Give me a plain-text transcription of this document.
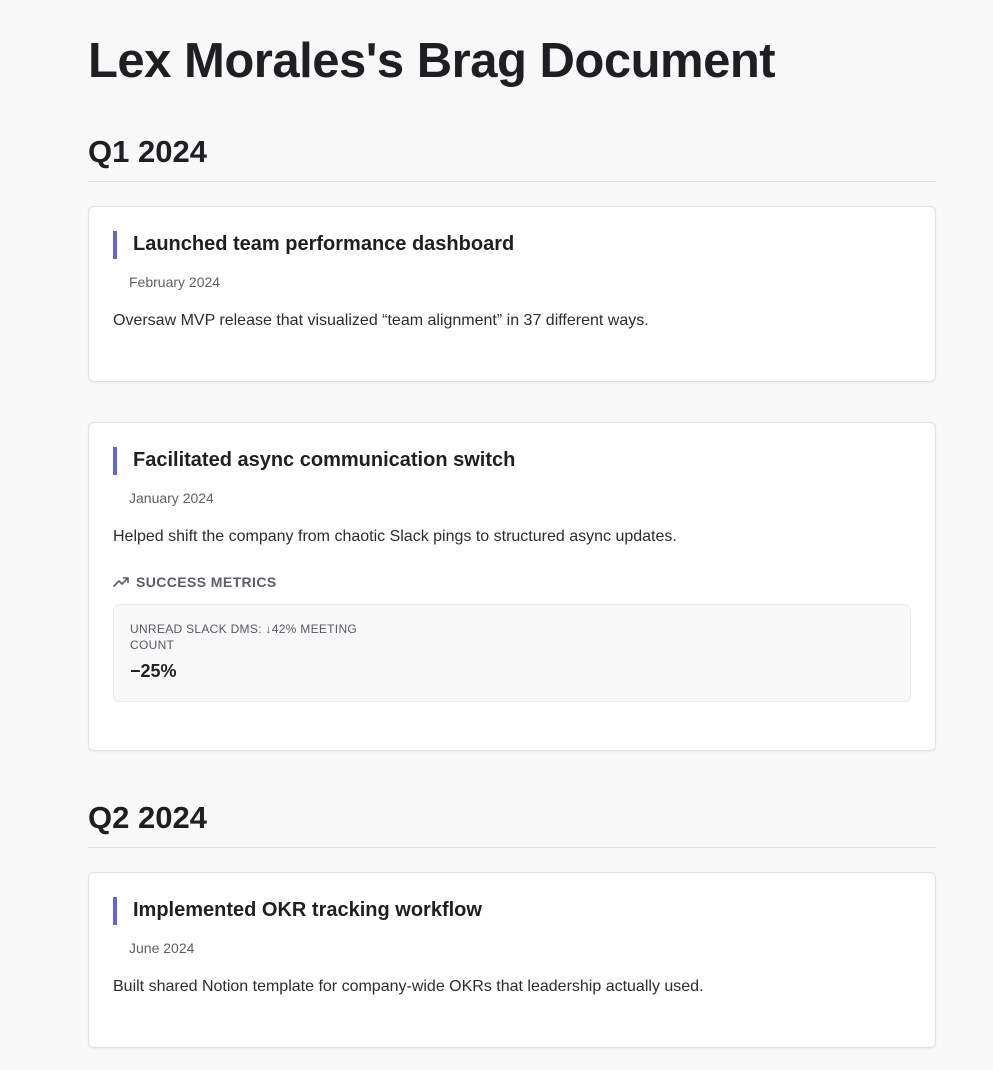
Lex Morales's Brag Document
Q1 2024
Launched team performance dashboard
February 2024

Oversaw MVP release that visualized “team alignment” in 37 different ways.

Facilitated async communication switch
January 2024

Helped shift the company from chaotic Slack pings to structured async updates.

SUCCESS METRICS
UNREAD SLACK DMS: ↓42% MEETING COUNT
−25%
Q2 2024
Implemented OKR tracking workflow
June 2024

Built shared Notion template for company-wide OKRs that leadership actually used.
